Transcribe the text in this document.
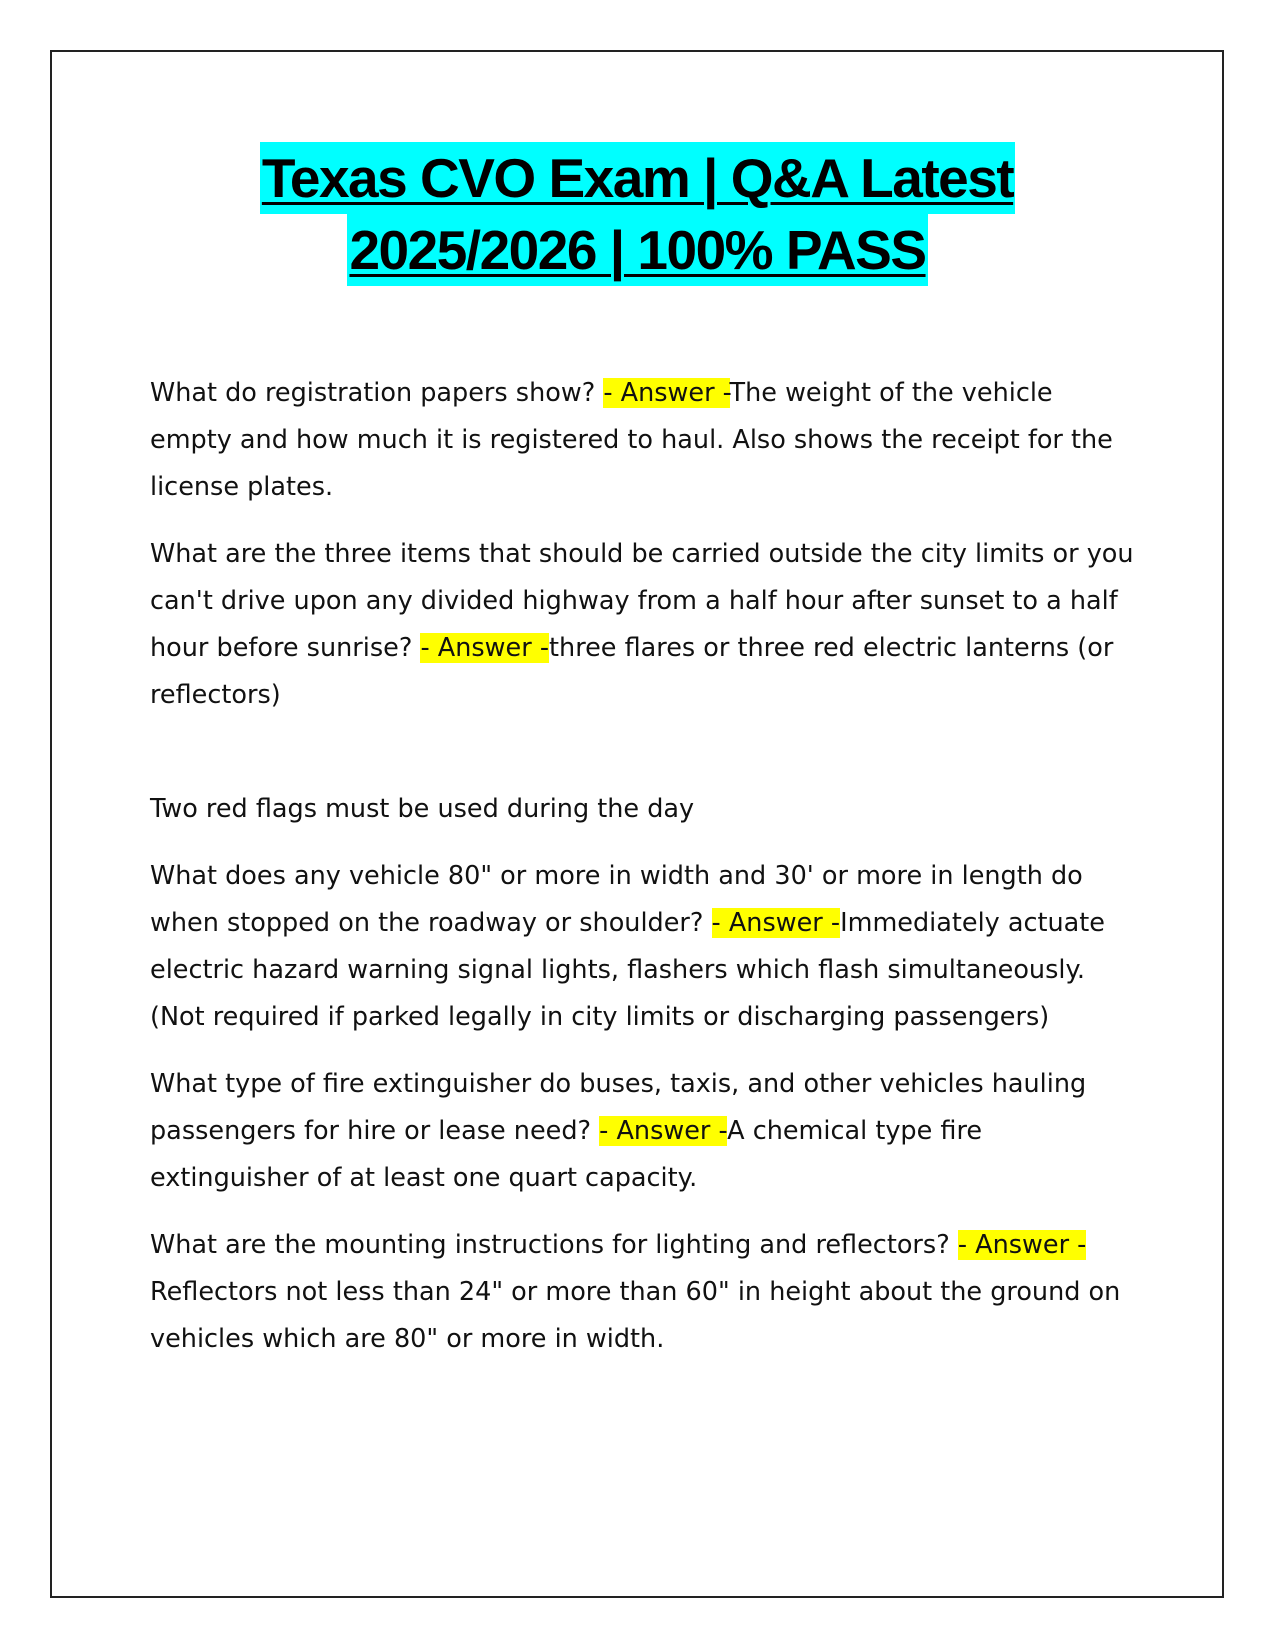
Texas CVO Exam | Q&A Latest
2025/2026 | 100% PASS

What do registration papers show? - Answer -The weight of the vehicle empty and how much it is registered to haul. Also shows the receipt for the license plates.

What are the three items that should be carried outside the city limits or you can't drive upon any divided highway from a half hour after sunset to a half hour before sunrise? - Answer -three flares or three red electric lanterns (or reflectors)

Two red flags must be used during the day

What does any vehicle 80" or more in width and 30' or more in length do when stopped on the roadway or shoulder? - Answer -Immediately actuate electric hazard warning signal lights, flashers which flash simultaneously. (Not required if parked legally in city limits or discharging passengers)

What type of fire extinguisher do buses, taxis, and other vehicles hauling passengers for hire or lease need? - Answer -A chemical type fire extinguisher of at least one quart capacity.

What are the mounting instructions for lighting and reflectors? - Answer -Reflectors not less than 24" or more than 60" in height about the ground on vehicles which are 80" or more in width.
